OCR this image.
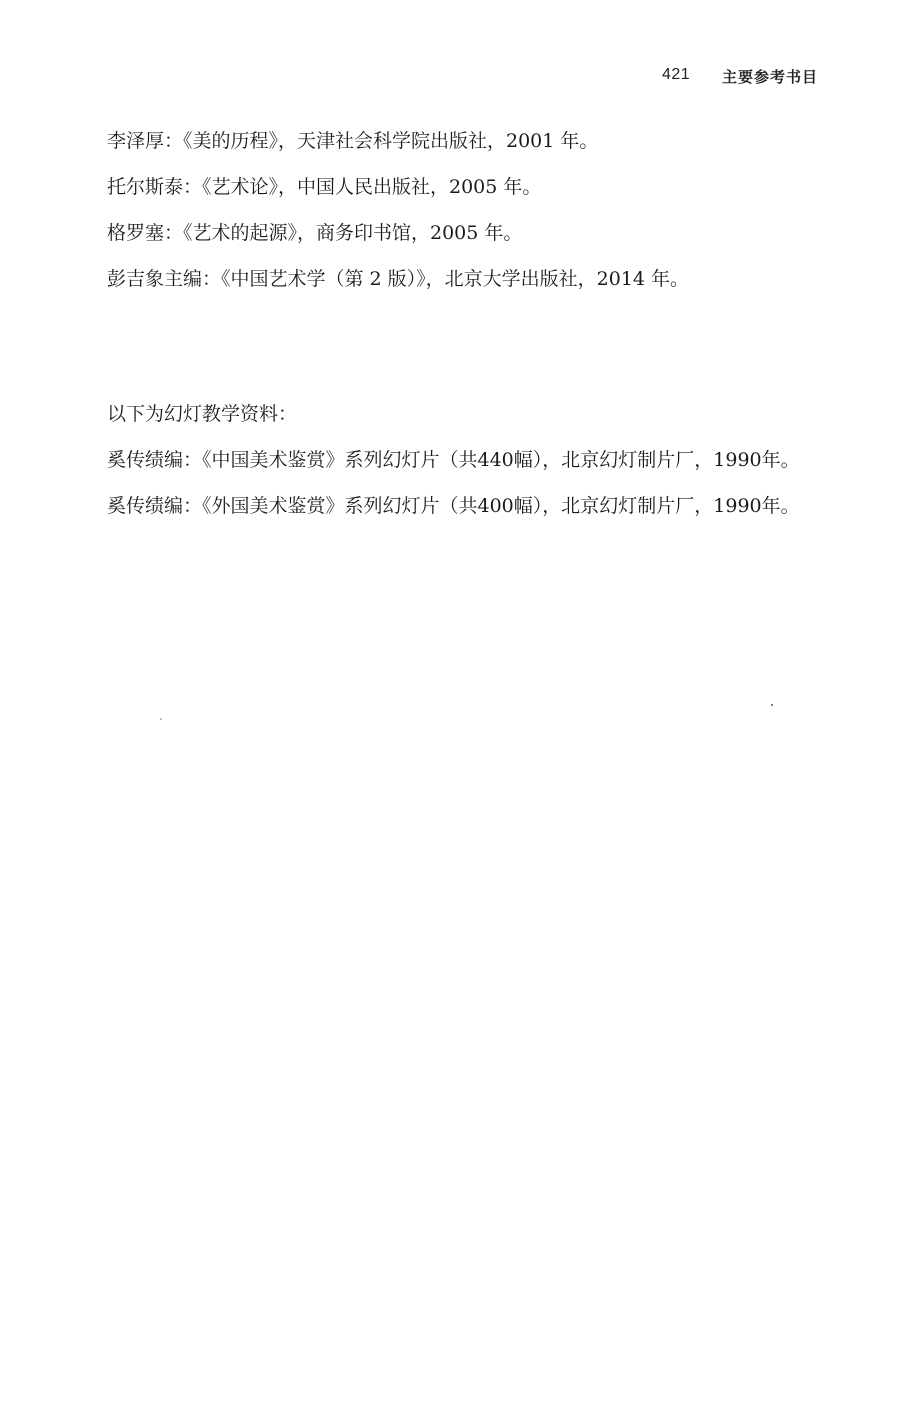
421 主要参考书目
李泽厚：《美的历程》，天津社会科学院出版社，2001 年。
托尔斯泰：《艺术论》，中国人民出版社，2005 年。
格罗塞：《艺术的起源》，商务印书馆，2005 年。
彭吉象主编：《中国艺术学（第 2 版）》，北京大学出版社，2014 年。
以下为幻灯教学资料：
奚传绩编：《中国美术鉴赏》系列幻灯片（共440幅），北京幻灯制片厂，1990年。
奚传绩编：《外国美术鉴赏》系列幻灯片（共400幅），北京幻灯制片厂，1990年。
